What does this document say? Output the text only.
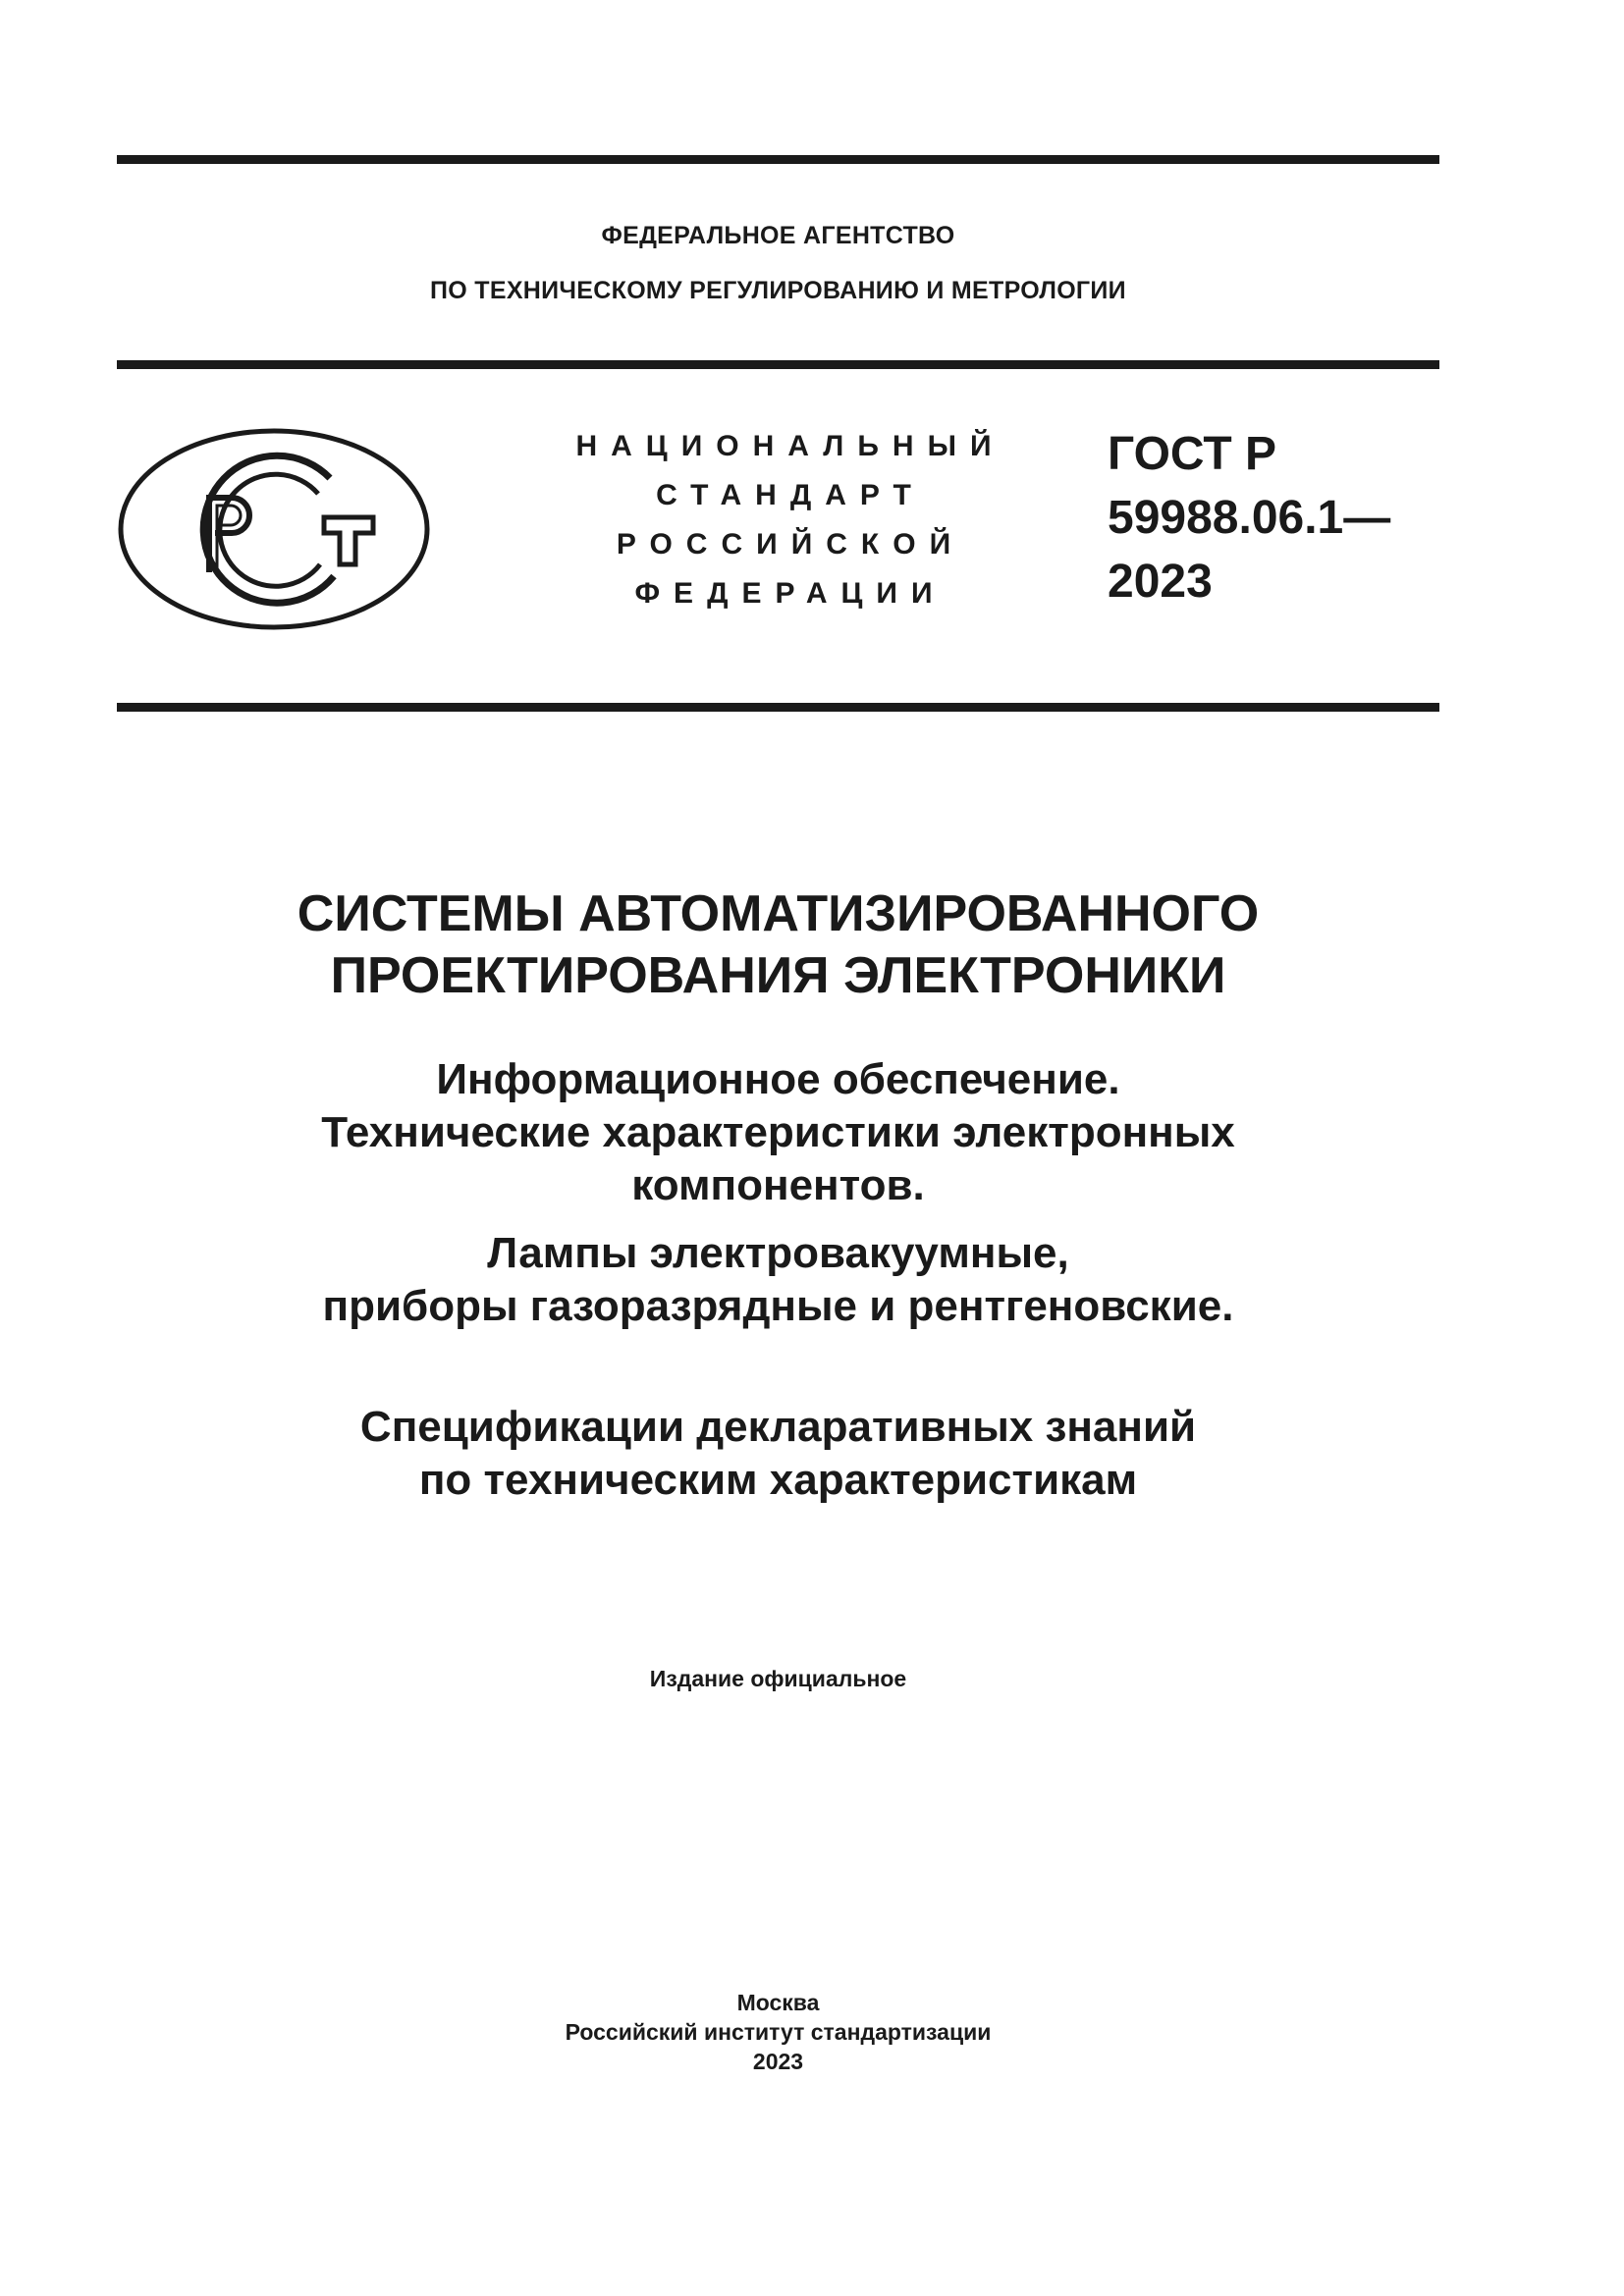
ФЕДЕРАЛЬНОЕ АГЕНТСТВО
ПО ТЕХНИЧЕСКОМУ РЕГУЛИРОВАНИЮ И МЕТРОЛОГИИ
НАЦИОНАЛЬНЫЙ
СТАНДАРТ
РОССИЙСКОЙ
ФЕДЕРАЦИИ
ГОСТ Р
59988.06.1—
2023
СИСТЕМЫ АВТОМАТИЗИРОВАННОГО
ПРОЕКТИРОВАНИЯ ЭЛЕКТРОНИКИ
Информационное обеспечение.
Технические характеристики электронных
компонентов.
Лампы электровакуумные,
приборы газоразрядные и рентгеновские.
Спецификации декларативных знаний
по техническим характеристикам
Издание официальное
Москва
Российский институт стандартизации
2023
